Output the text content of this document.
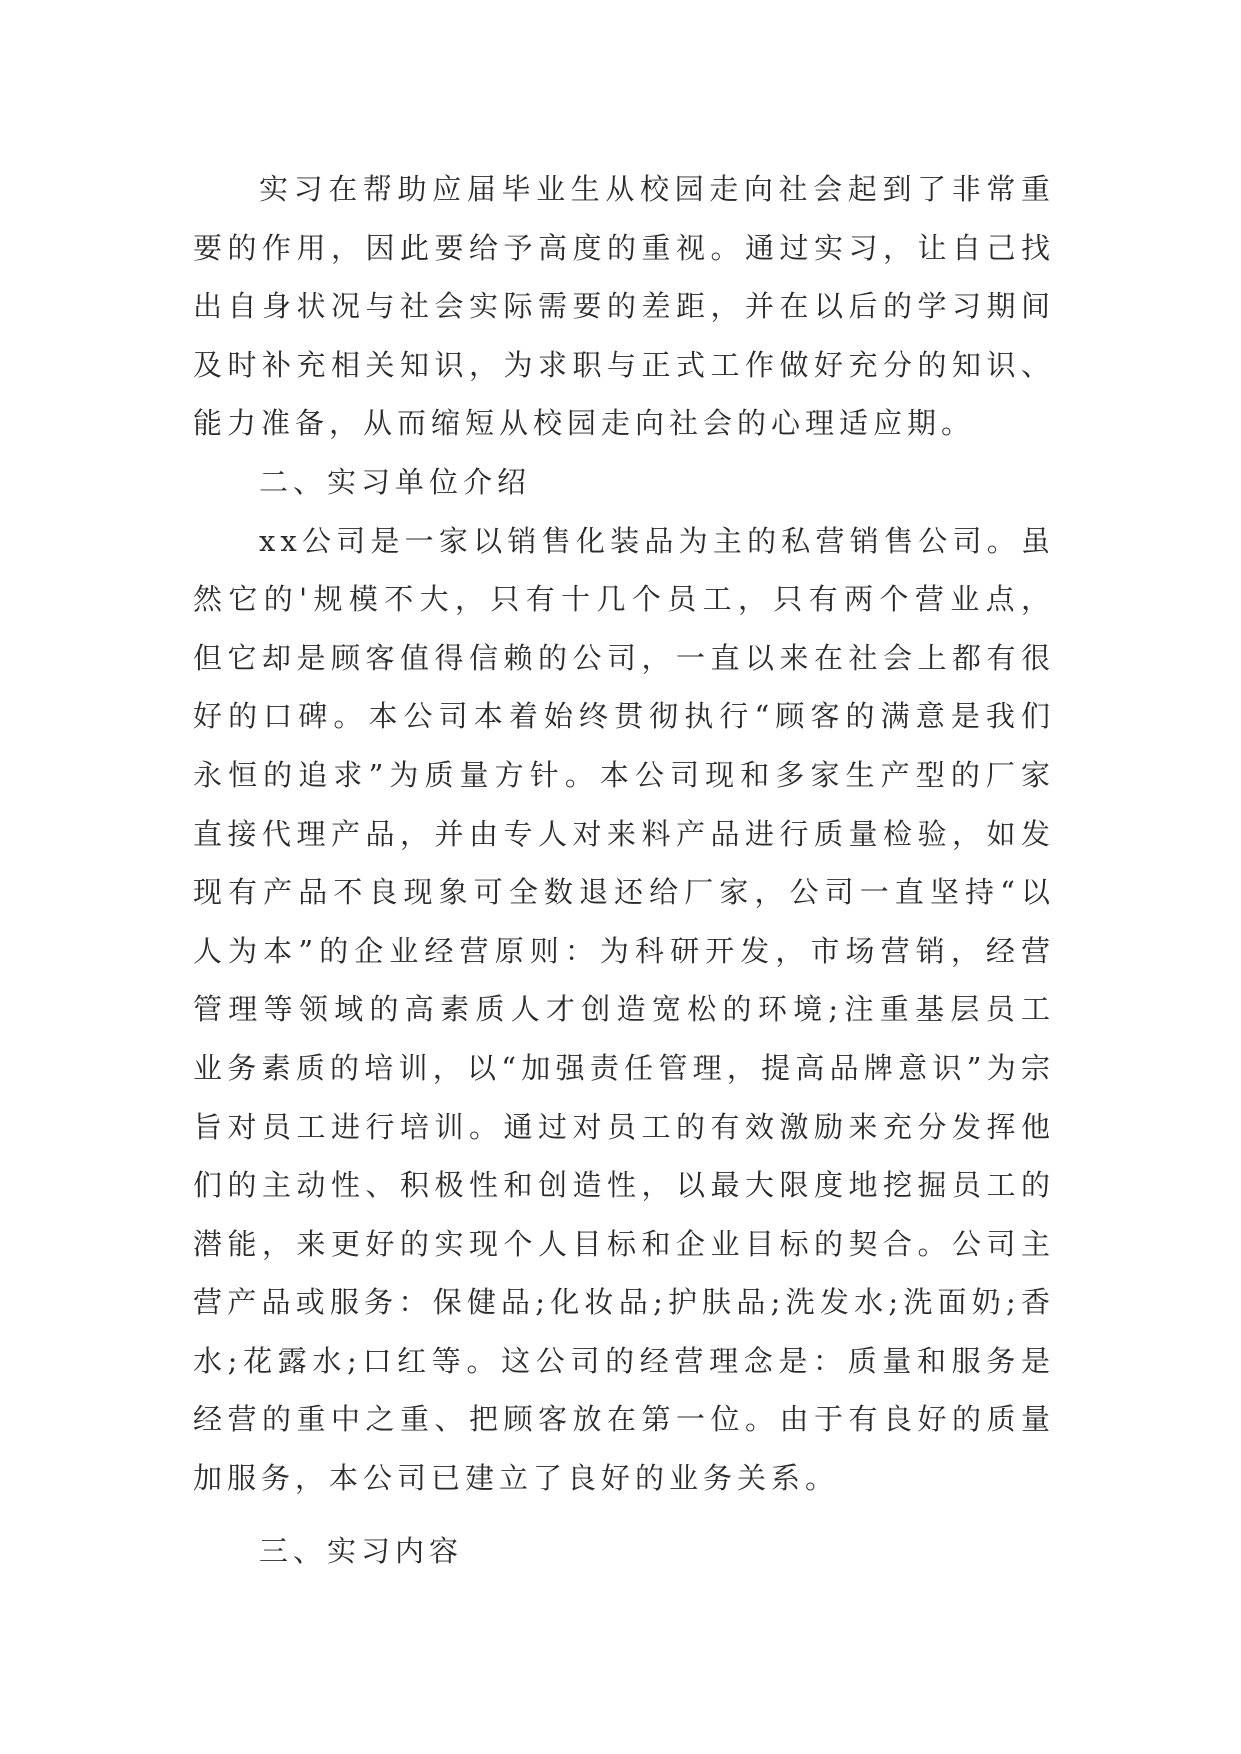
实习在帮助应届毕业生从校园走向社会起到了非常重要的作用，因此要给予高度的重视。通过实习，让自己找出自身状况与社会实际需要的差距，并在以后的学习期间及时补充相关知识，为求职与正式工作做好充分的知识、能力准备，从而缩短从校园走向社会的心理适应期。

二、实习单位介绍

xx公司是一家以销售化装品为主的私营销售公司。虽然它的'规模不大，只有十几个员工，只有两个营业点，但它却是顾客值得信赖的公司，一直以来在社会上都有很好的口碑。本公司本着始终贯彻执行“顾客的满意是我们永恒的追求”为质量方针。本公司现和多家生产型的厂家直接代理产品，并由专人对来料产品进行质量检验，如发现有产品不良现象可全数退还给厂家，公司一直坚持“以人为本”的企业经营原则：为科研开发，市场营销，经营管理等领域的高素质人才创造宽松的环境;注重基层员工业务素质的培训，以“加强责任管理，提高品牌意识”为宗旨对员工进行培训。通过对员工的有效激励来充分发挥他们的主动性、积极性和创造性，以最大限度地挖掘员工的潜能，来更好的实现个人目标和企业目标的契合。公司主营产品或服务：保健品;化妆品;护肤品;洗发水;洗面奶;香水;花露水;口红等。这公司的经营理念是：质量和服务是经营的重中之重、把顾客放在第一位。由于有良好的质量加服务，本公司已建立了良好的业务关系。

三、实习内容
